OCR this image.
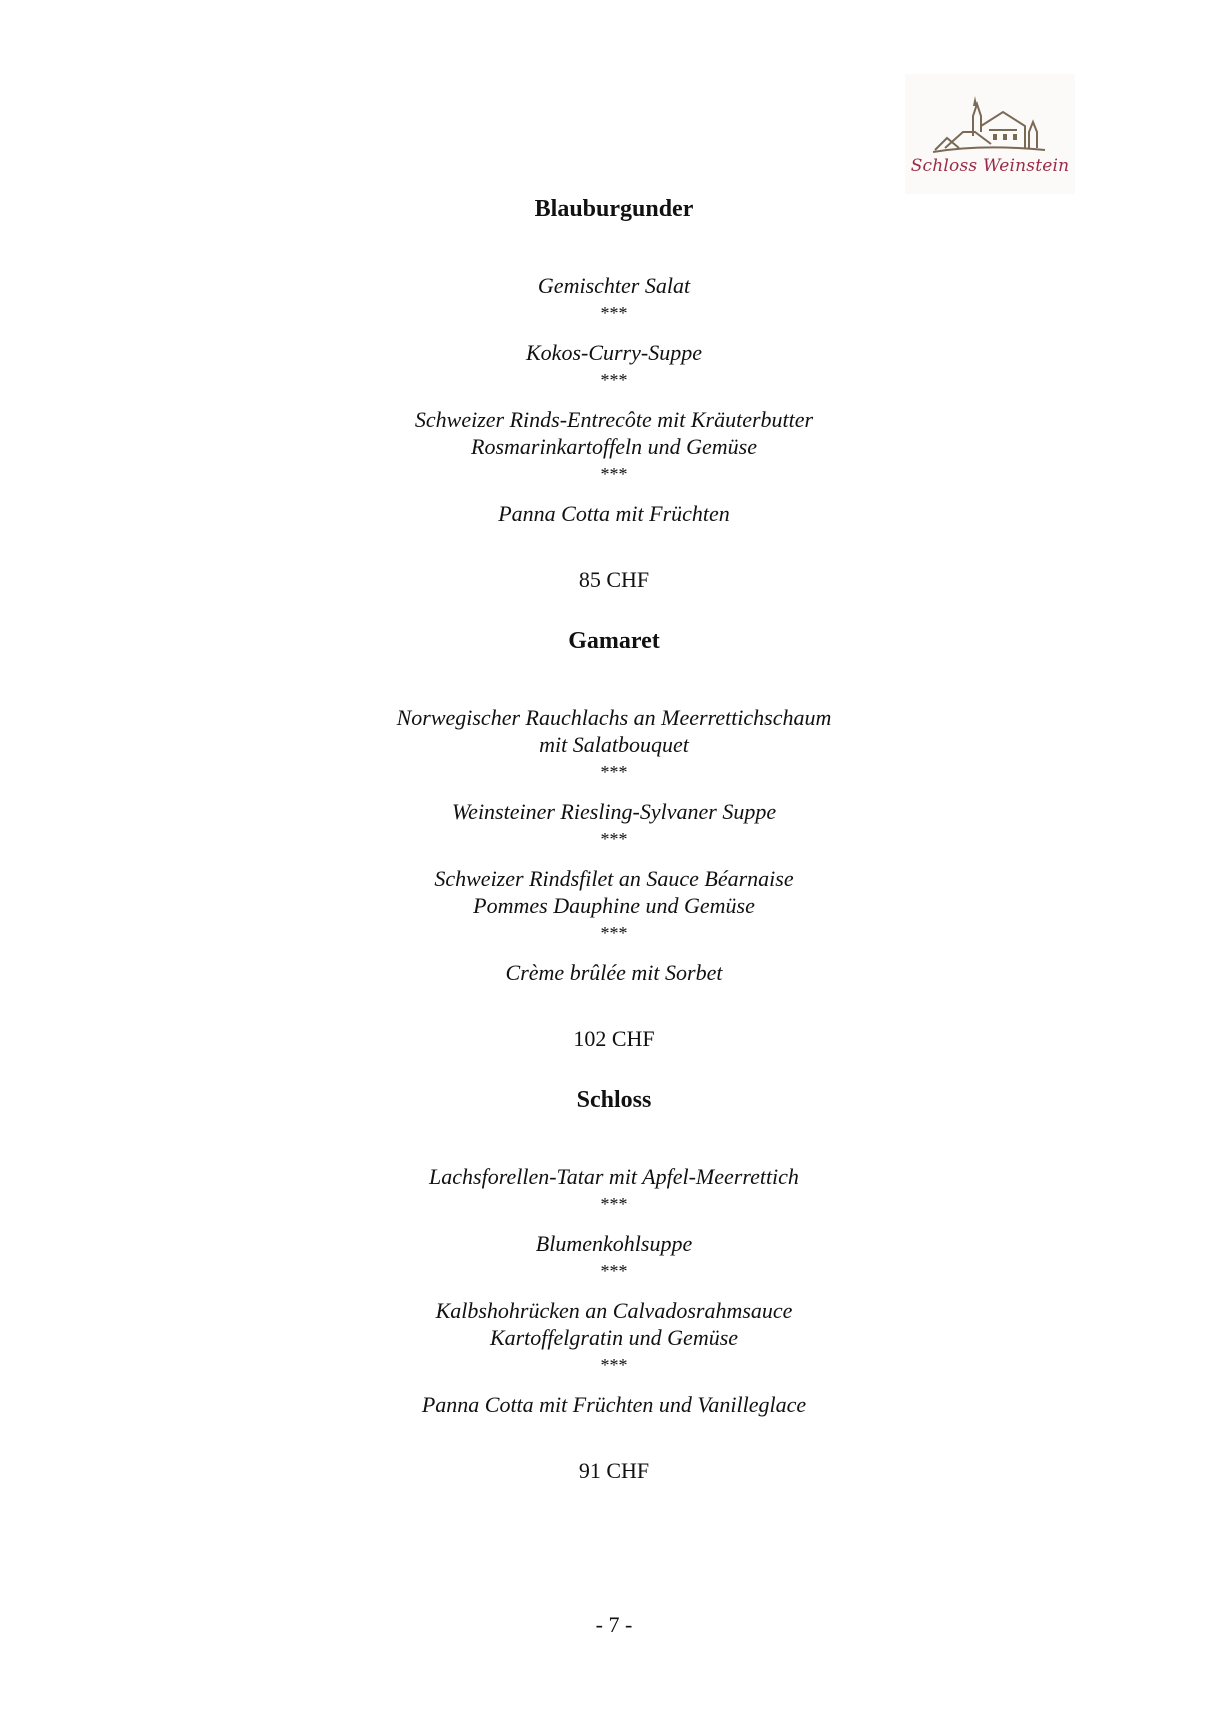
Schloss Weinstein
Blauburgunder
Gemischter Salat
***
Kokos-Curry-Suppe
***
Schweizer Rinds-Entrecôte mit Kräuterbutter
Rosmarinkartoffeln und Gemüse
***
Panna Cotta mit Früchten
85 CHF
Gamaret
Norwegischer Rauchlachs an Meerrettichschaum
mit Salatbouquet
***
Weinsteiner Riesling-Sylvaner Suppe
***
Schweizer Rindsfilet an Sauce Béarnaise
Pommes Dauphine und Gemüse
***
Crème brûlée mit Sorbet
102 CHF
Schloss
Lachsforellen-Tatar mit Apfel-Meerrettich
***
Blumenkohlsuppe
***
Kalbshohrücken an Calvadosrahmsauce
Kartoffelgratin und Gemüse
***
Panna Cotta mit Früchten und Vanilleglace
91 CHF
- 7 -
